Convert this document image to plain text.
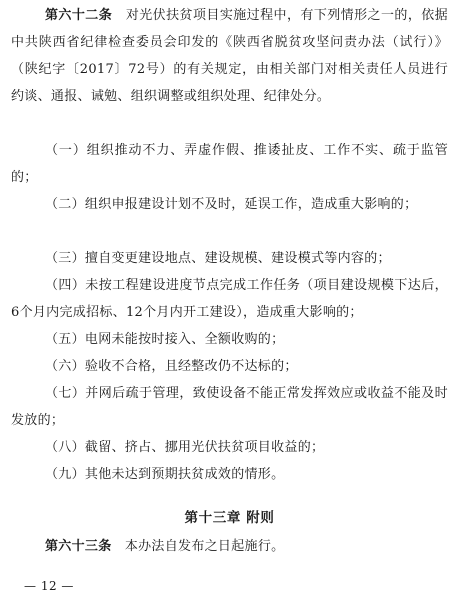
第六十二条 对光伏扶贫项目实施过程中，有下列情形之一的，依据中共陕西省纪律检查委员会印发的《陕西省脱贫攻坚问责办法（试行）》（陕纪字〔2017〕72号）的有关规定，由相关部门对相关责任人员进行约谈、通报、诫勉、组织调整或组织处理、纪律处分。
（一）组织推动不力、弄虚作假、推诿扯皮、工作不实、疏于监管的；
（二）组织申报建设计划不及时，延误工作，造成重大影响的；
（三）擅自变更建设地点、建设规模、建设模式等内容的；
（四）未按工程建设进度节点完成工作任务（项目建设规模下达后，6个月内完成招标、12个月内开工建设），造成重大影响的；
（五）电网未能按时接入、全额收购的；
（六）验收不合格，且经整改仍不达标的；
（七）并网后疏于管理，致使设备不能正常发挥效应或收益不能及时发放的；
（八）截留、挤占、挪用光伏扶贫项目收益的；
（九）其他未达到预期扶贫成效的情形。
第十三章 附则
第六十三条 本办法自发布之日起施行。
— 12 —
